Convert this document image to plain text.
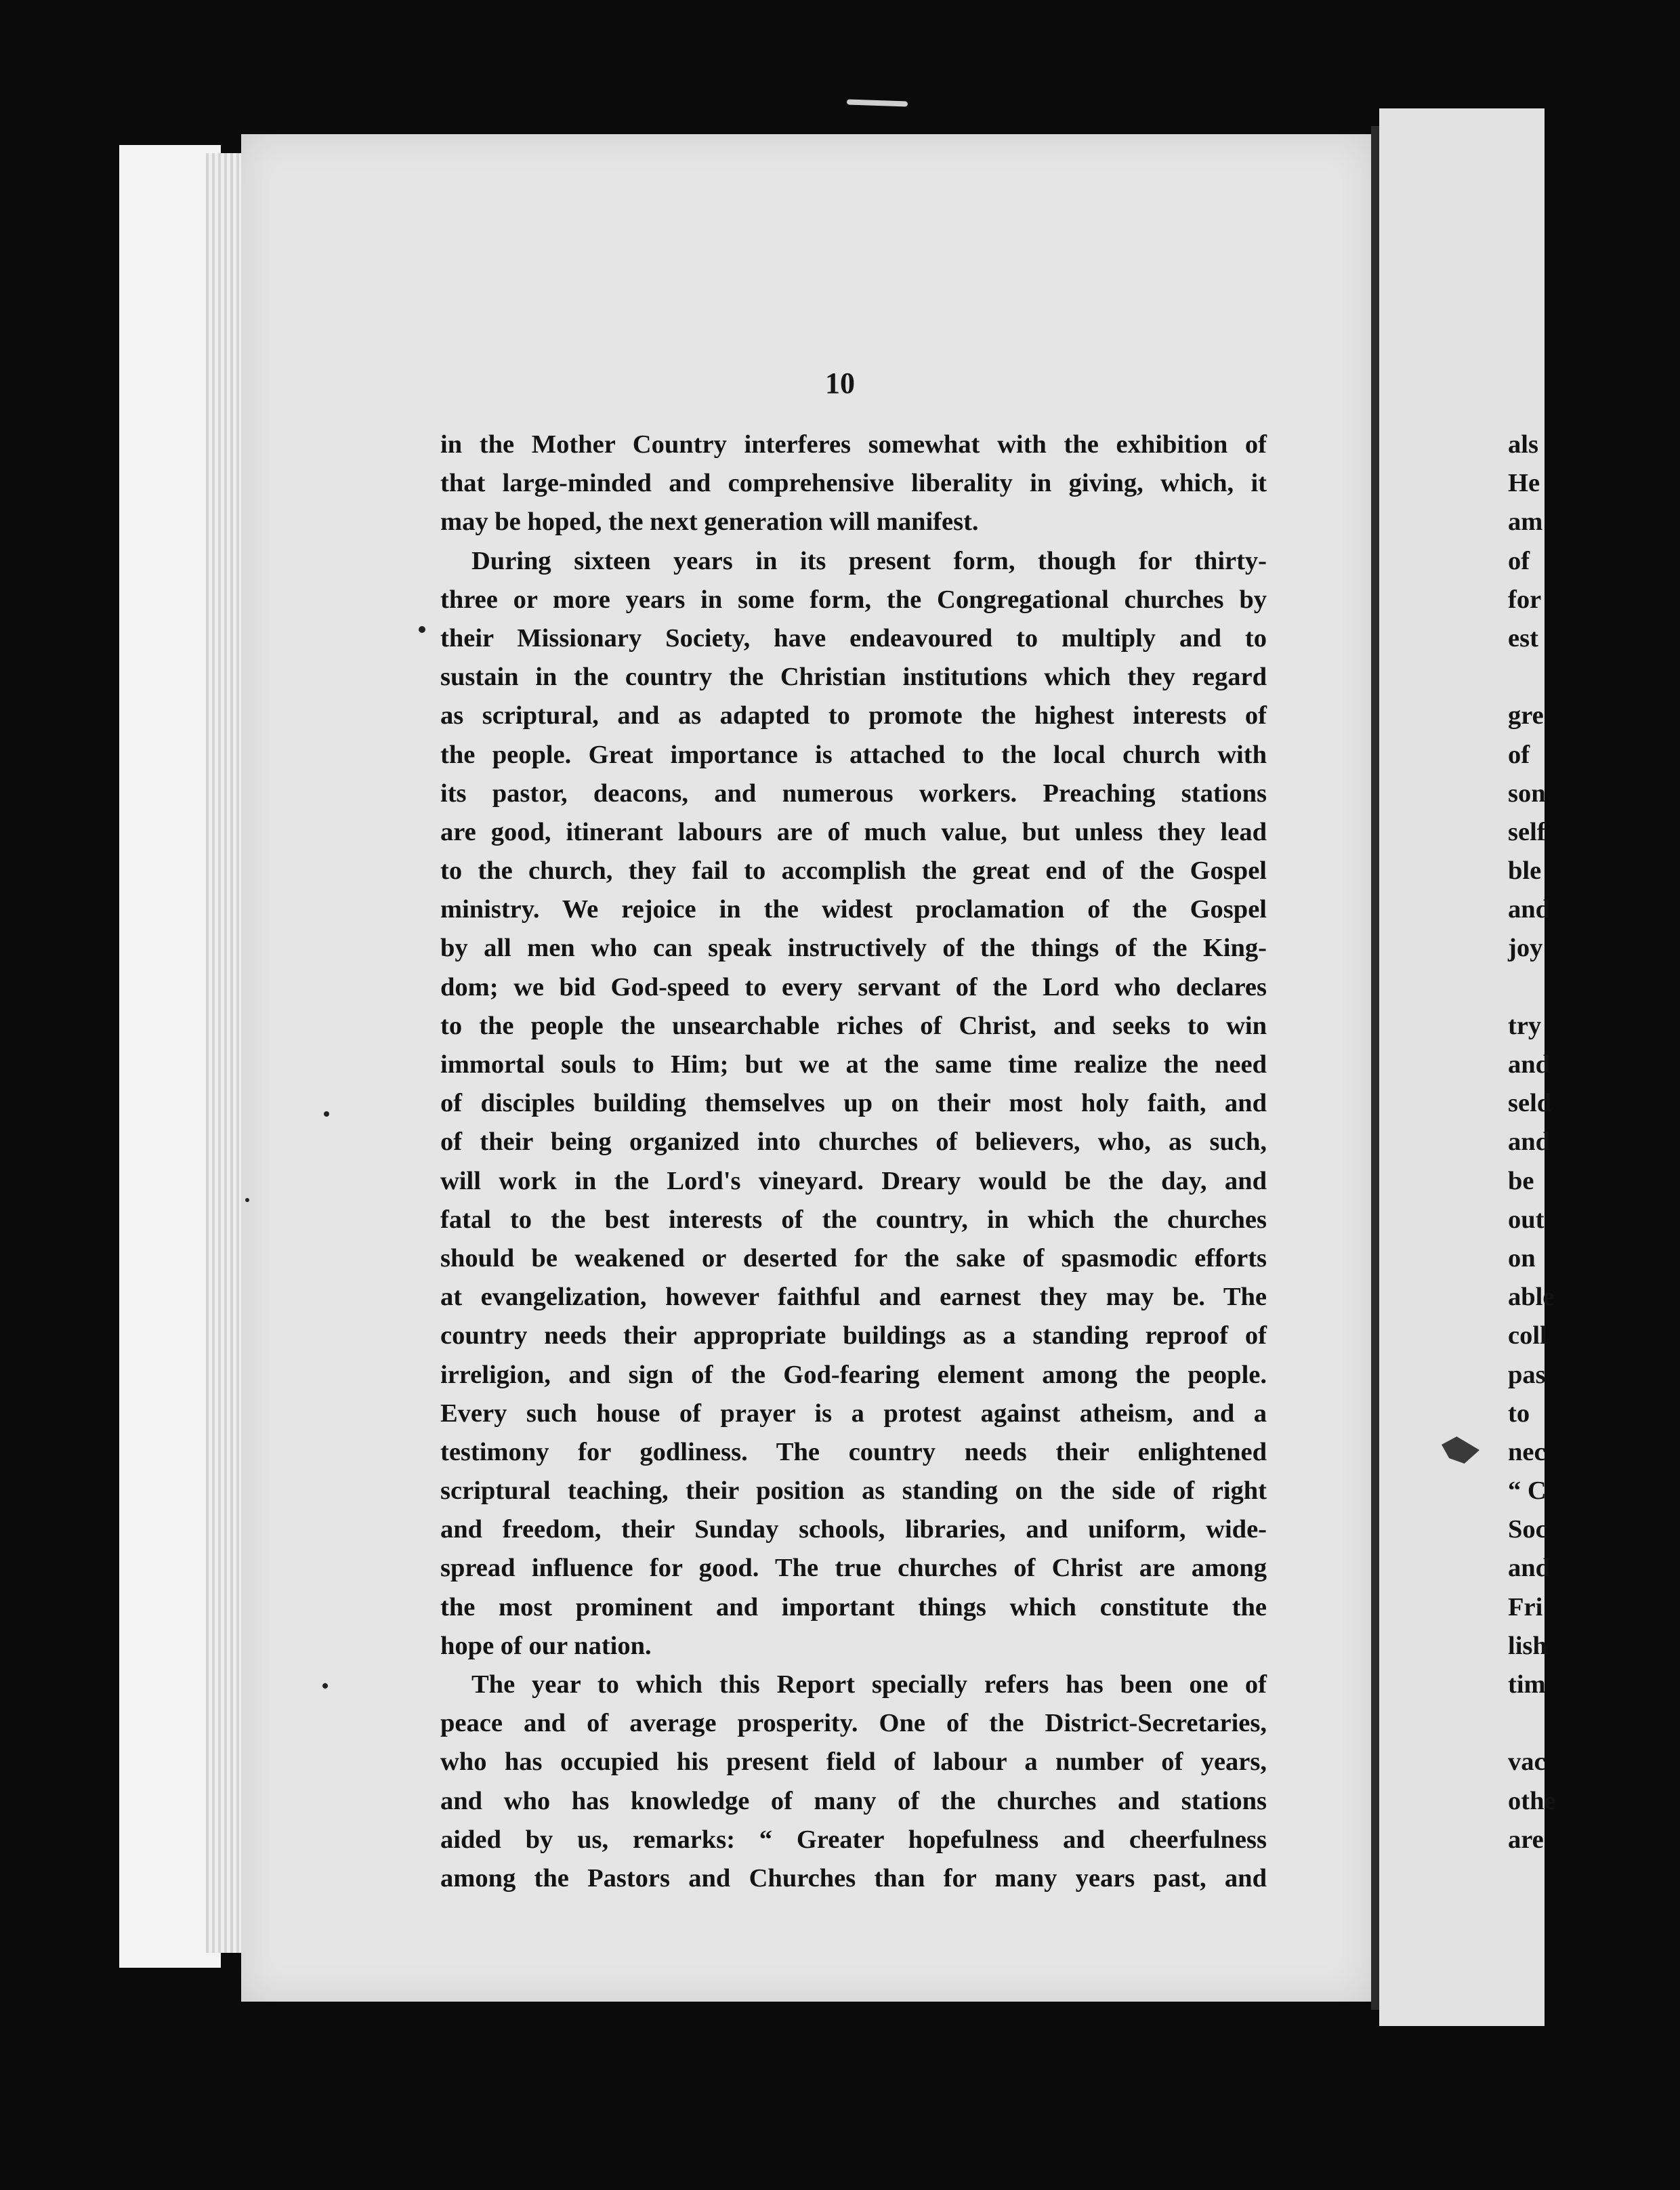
10
in the Mother Country interferes somewhat with the exhibition of
that large-minded and comprehensive liberality in giving, which, it
may be hoped, the next generation will manifest.
During sixteen years in its present form, though for thirty-
three or more years in some form, the Congregational churches by
their Missionary Society, have endeavoured to multiply and to
sustain in the country the Christian institutions which they regard
as scriptural, and as adapted to promote the highest interests of
the people. Great importance is attached to the local church with
its pastor, deacons, and numerous workers. Preaching stations
are good, itinerant labours are of much value, but unless they lead
to the church, they fail to accomplish the great end of the Gospel
ministry. We rejoice in the widest proclamation of the Gospel
by all men who can speak instructively of the things of the King-
dom; we bid God-speed to every servant of the Lord who declares
to the people the unsearchable riches of Christ, and seeks to win
immortal souls to Him; but we at the same time realize the need
of disciples building themselves up on their most holy faith, and
of their being organized into churches of believers, who, as such,
will work in the Lord's vineyard. Dreary would be the day, and
fatal to the best interests of the country, in which the churches
should be weakened or deserted for the sake of spasmodic efforts
at evangelization, however faithful and earnest they may be. The
country needs their appropriate buildings as a standing reproof of
irreligion, and sign of the God-fearing element among the people.
Every such house of prayer is a protest against atheism, and a
testimony for godliness. The country needs their enlightened
scriptural teaching, their position as standing on the side of right
and freedom, their Sunday schools, libraries, and uniform, wide-
spread influence for good. The true churches of Christ are among
the most prominent and important things which constitute the
hope of our nation.
The year to which this Report specially refers has been one of
peace and of average prosperity. One of the District-Secretaries,
who has occupied his present field of labour a number of years,
and who has knowledge of many of the churches and stations
aided by us, remarks: “ Greater hopefulness and cheerfulness
among the Pastors and Churches than for many years past, and
als
He
am
of
for
est
gre
of
son
self
ble
and
joy
try
and
seld
and
be
out
on
able
coll
pas
to
nec
“ C
Soc
and
Fri
lish
tim
vac
othe
are
